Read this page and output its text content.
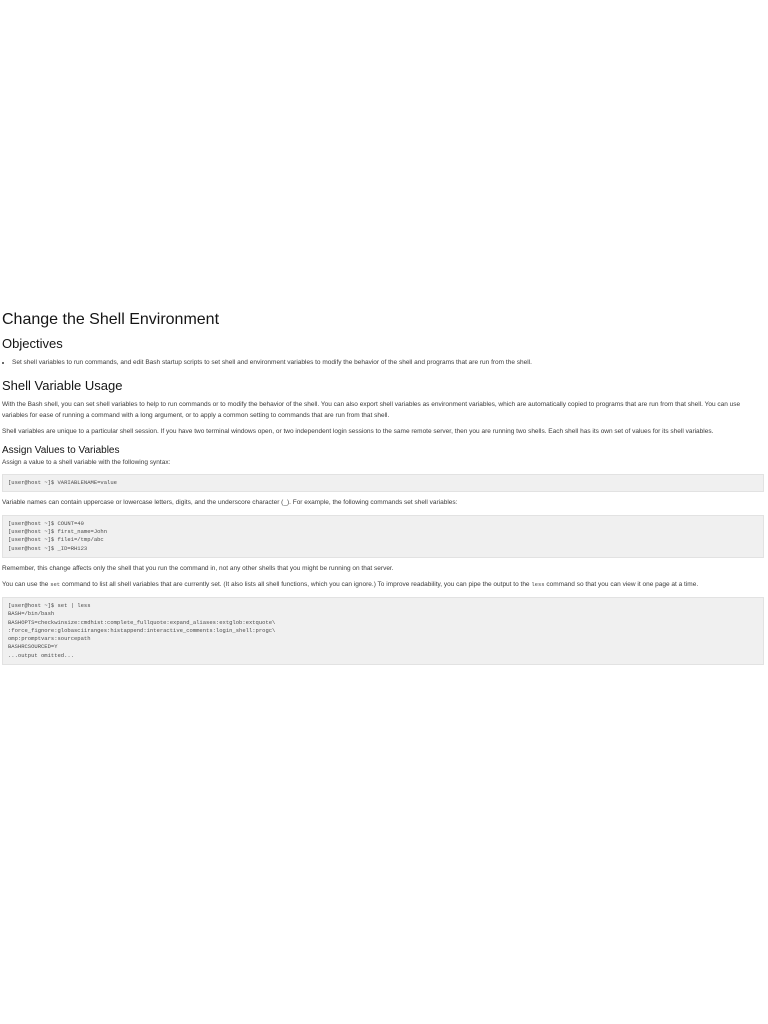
Change the Shell Environment
Objectives
• Set shell variables to run commands, and edit Bash startup scripts to set shell and environment variables to modify the behavior of the shell and programs that are run from the shell.
Shell Variable Usage

With the Bash shell, you can set shell variables to help to run commands or to modify the behavior of the shell. You can also export shell variables as environment variables, which are automatically copied to programs that are run from that shell. You can use variables for ease of running a command with a long argument, or to apply a common setting to commands that are run from that shell.

Shell variables are unique to a particular shell session. If you have two terminal windows open, or two independent login sessions to the same remote server, then you are running two shells. Each shell has its own set of values for its shell variables.

Assign Values to Variables

Assign a value to a shell variable with the following syntax:

[user@host ~]$ VARIABLENAME=value

Variable names can contain uppercase or lowercase letters, digits, and the underscore character (_). For example, the following commands set shell variables:

[user@host ~]$ COUNT=40
[user@host ~]$ first_name=John
[user@host ~]$ file1=/tmp/abc
[user@host ~]$ _ID=RH123

Remember, this change affects only the shell that you run the command in, not any other shells that you might be running on that server.

You can use the set command to list all shell variables that are currently set. (It also lists all shell functions, which you can ignore.) To improve readability, you can pipe the output to the less command so that you can view it one page at a time.

[user@host ~]$ set | less
BASH=/bin/bash
BASHOPTS=checkwinsize:cmdhist:complete_fullquote:expand_aliases:extglob:extquote\
:force_fignore:globasciiranges:histappend:interactive_comments:login_shell:progc\
omp:promptvars:sourcepath
BASHRCSOURCED=Y
...output omitted...
